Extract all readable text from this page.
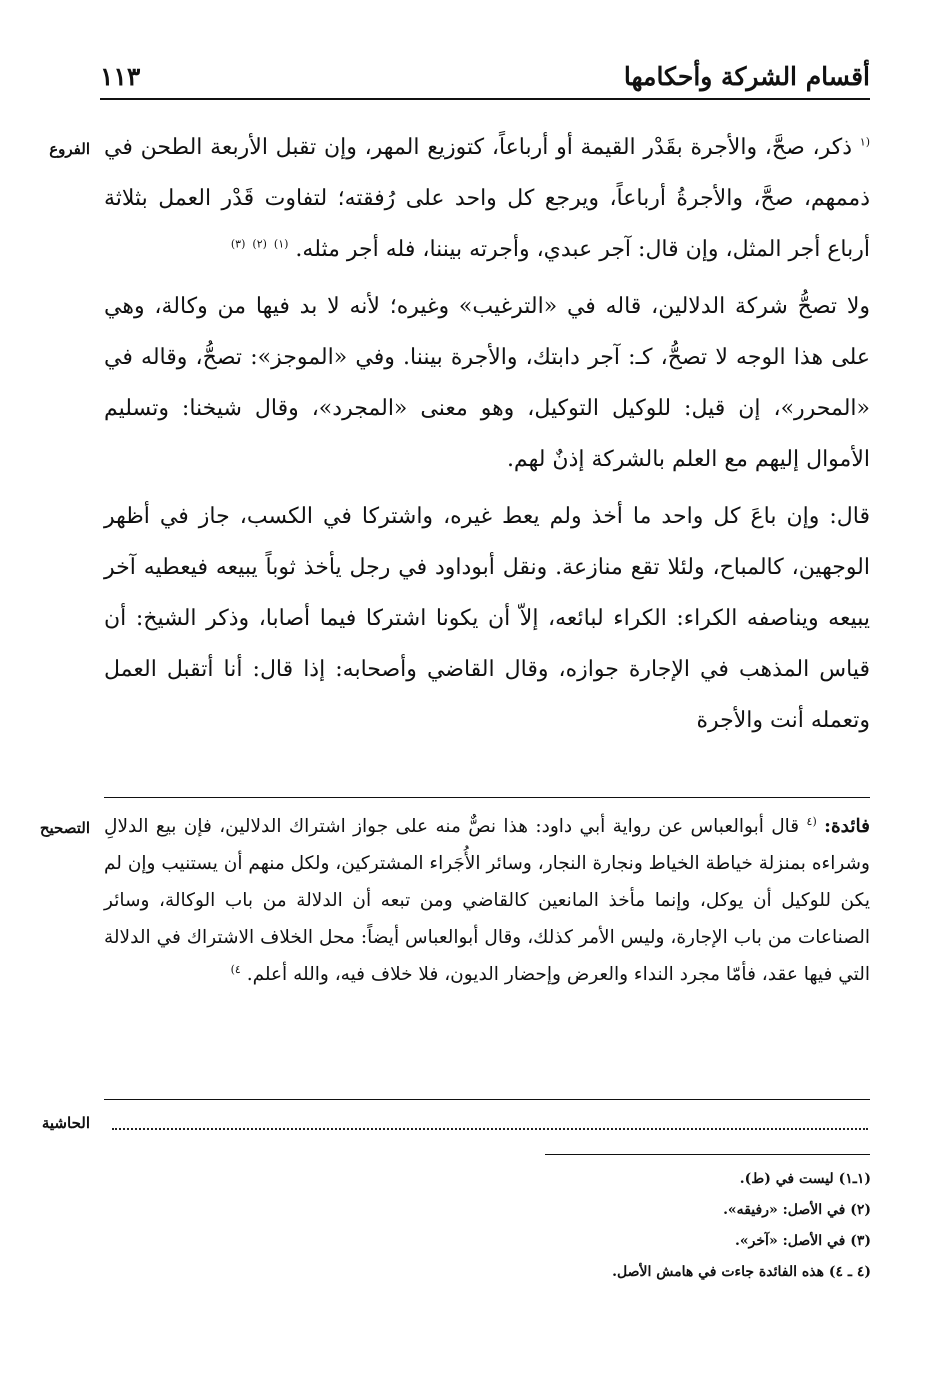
أقسام الشركة وأحكامها
١١٣
الفروع
التصحيح
الحاشية

$^{(١}$ ذكر، صحَّ، والأجرة بقَدْر القيمة أو أرباعاً، كتوزيع المهر، وإن تقبل الأربعة الطحن في ذممهم، صحَّ، والأجرةُ أرباعاً، ويرجع كل واحد على رُفقته؛ لتفاوت قَدْر العمل بثلاثة أرباع أجر المثل، وإن قال: آجر عبدي، وأجرته بيننا، فله أجر مثله. $^{(١)}$ $^{(٢)}$ $^{(٣)}$

ولا تصحُّ شركة الدلالين، قاله في «الترغيب» وغيره؛ لأنه لا بد فيها من وكالة، وهي على هذا الوجه لا تصحُّ، كـ: آجر دابتك، والأجرة بيننا. وفي «الموجز»: تصحُّ، وقاله في «المحرر»، إن قيل: للوكيل التوكيل، وهو معنى «المجرد»، وقال شيخنا: وتسليم الأموال إليهم مع العلم بالشركة إذنٌ لهم.

قال: وإن باعَ كل واحد ما أخذ ولم يعط غيره، واشتركا في الكسب، جاز في أظهر الوجهين، كالمباح، ولئلا تقع منازعة. ونقل أبوداود في رجل يأخذ ثوباً يبيعه فيعطيه آخر يبيعه ويناصفه الكراء: الكراء لبائعه، إلاّ أن يكونا اشتركا فيما أصابا، وذكر الشيخ: أن قياس المذهب في الإجارة جوازه، وقال القاضي وأصحابه: إذا قال: أنا أتقبل العمل وتعمله أنت والأجرة

فائدة: $^{(٤}$ قال أبوالعباس عن رواية أبي داود: هذا نصٌّ منه على جواز اشتراك الدلالين، فإن بيع الدلالِ وشراءه بمنزلة خياطة الخياط ونجارة النجار، وسائر الأُجَراء المشتركين، ولكل منهم أن يستنيب وإن لم يكن للوكيل أن يوكل، وإنما مأخذ المانعين كالقاضي ومن تبعه أن الدلالة من باب الوكالة، وسائر الصناعات من باب الإجارة، وليس الأمر كذلك، وقال أبوالعباس أيضاً: محل الخلاف الاشتراك في الدلالة التي فيها عقد، فأمّا مجرد النداء والعرض وإحضار الديون، فلا خلاف فيه، والله أعلم. $^{٤)}$
(١ـ١) ليست في (ط).
(٢) في الأصل: «رفيقه».
(٣) في الأصل: «آخر».
(٤ ـ ٤) هذه الفائدة جاءت في هامش الأصل.
